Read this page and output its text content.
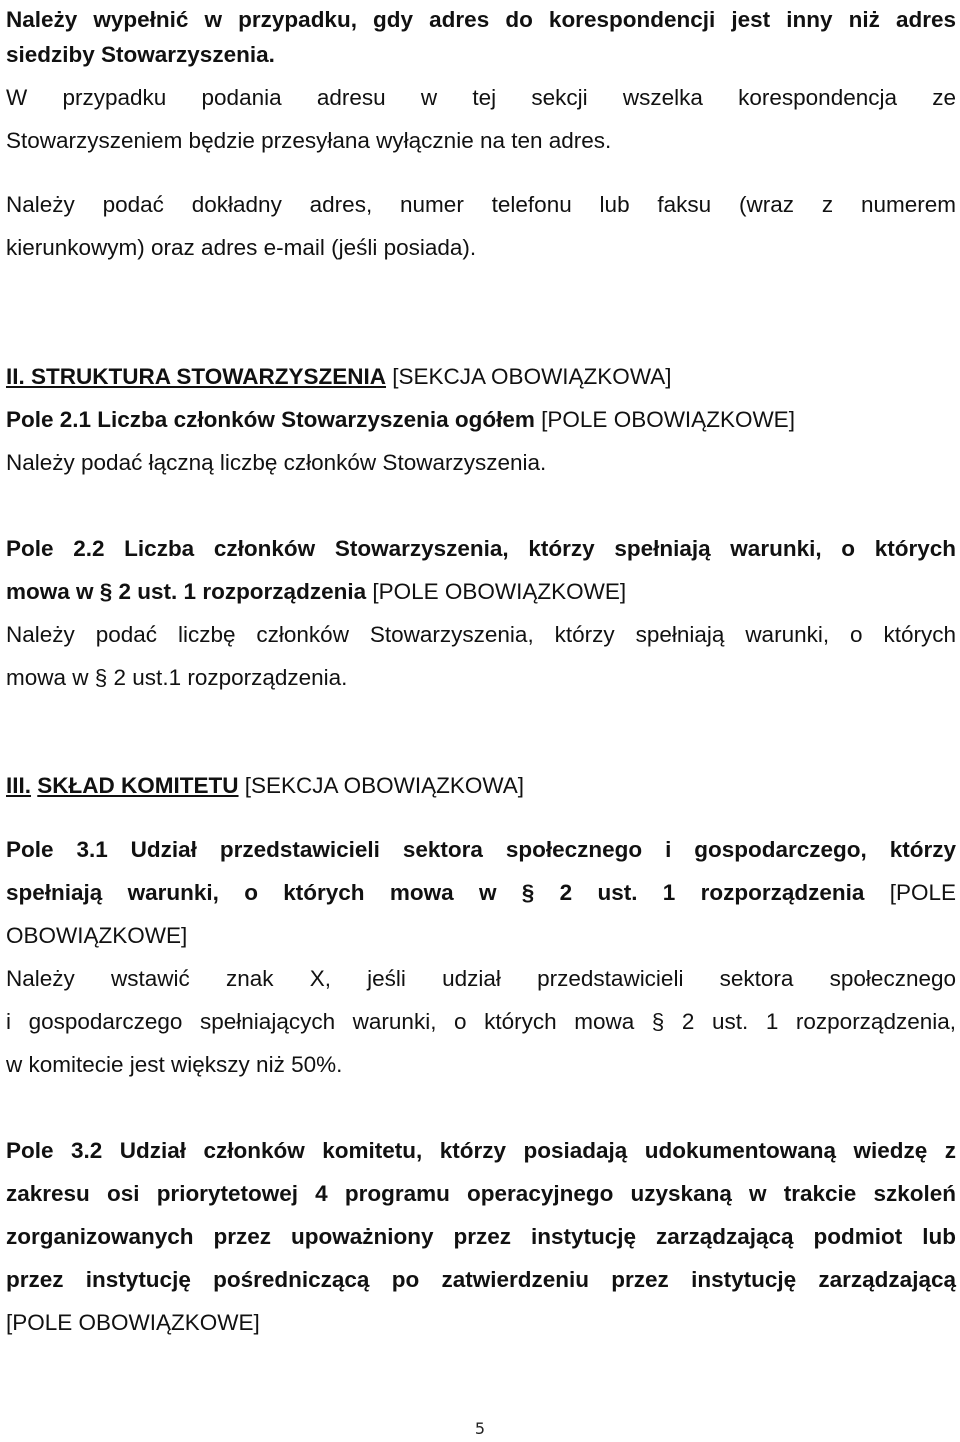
Należy wypełnić w przypadku, gdy adres do korespondencji jest inny niż adres

siedziby Stowarzyszenia.

W przypadku podania adresu w tej sekcji wszelka korespondencja ze

Stowarzyszeniem będzie przesyłana wyłącznie na ten adres.

Należy podać dokładny adres, numer telefonu lub faksu (wraz z numerem

kierunkowym) oraz adres e-mail (jeśli posiada).

II. STRUKTURA STOWARZYSZENIA [SEKCJA OBOWIĄZKOWA]

Pole 2.1 Liczba członków Stowarzyszenia ogółem [POLE OBOWIĄZKOWE]

Należy podać łączną liczbę członków Stowarzyszenia.

Pole 2.2 Liczba członków Stowarzyszenia, którzy spełniają warunki, o których

mowa w § 2 ust. 1 rozporządzenia [POLE OBOWIĄZKOWE]

Należy podać liczbę członków Stowarzyszenia, którzy spełniają warunki, o których

mowa w § 2 ust.1 rozporządzenia.

III. SKŁAD KOMITETU [SEKCJA OBOWIĄZKOWA]

Pole 3.1 Udział przedstawicieli sektora społecznego i gospodarczego, którzy

spełniają warunki, o których mowa w § 2 ust. 1 rozporządzenia [POLE

OBOWIĄZKOWE]

Należy wstawić znak X, jeśli udział przedstawicieli sektora społecznego

i gospodarczego spełniających warunki, o których mowa § 2 ust. 1 rozporządzenia,

w komitecie jest większy niż 50%.

Pole 3.2 Udział członków komitetu, którzy posiadają udokumentowaną wiedzę z

zakresu osi priorytetowej 4 programu operacyjnego uzyskaną w trakcie szkoleń

zorganizowanych przez upoważniony przez instytucję zarządzającą podmiot lub

przez instytucję pośredniczącą po zatwierdzeniu przez instytucję zarządzającą

[POLE OBOWIĄZKOWE]

5
